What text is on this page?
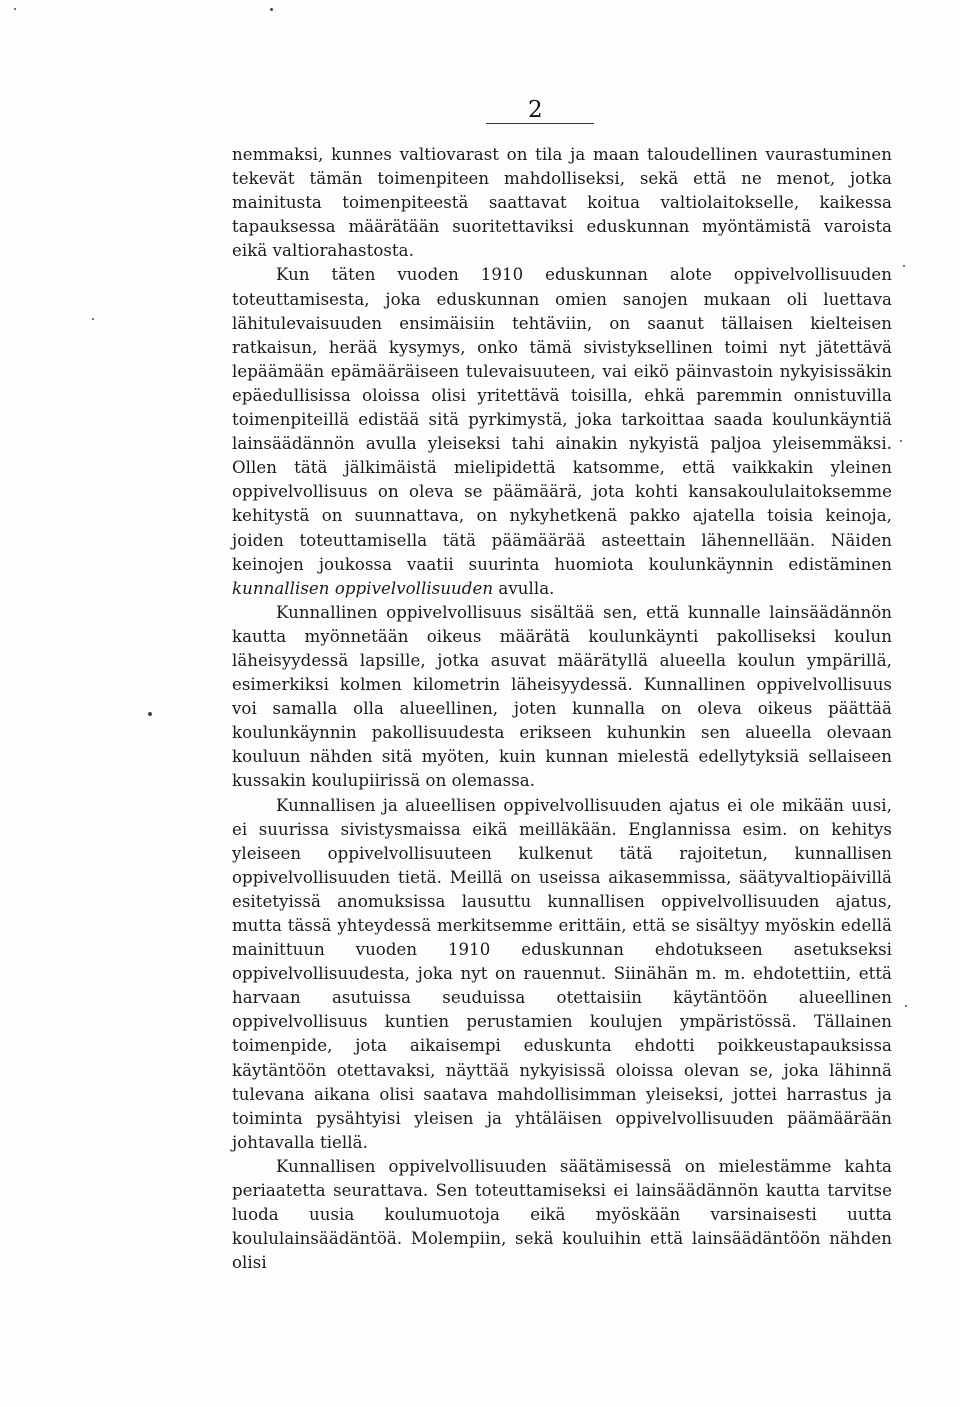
2

nemmaksi, kunnes valtiovarast on tila ja maan taloudellinen vaurastuminen tekevät tämän toimenpiteen mahdolliseksi, sekä että ne menot, jotka mainitusta toimenpiteestä saattavat koitua valtiolaitokselle, kaikessa tapauksessa määrätään suoritettaviksi eduskunnan myöntämistä varoista eikä valtiorahastosta.

Kun täten vuoden 1910 eduskunnan alote oppivelvollisuuden toteuttamisesta, joka eduskunnan omien sanojen mukaan oli luettava lähitulevaisuuden ensimäisiin tehtäviin, on saanut tällaisen kielteisen ratkaisun, herää kysymys, onko tämä sivistyksellinen toimi nyt jätettävä lepäämään epämääräiseen tulevaisuuteen, vai eikö päinvastoin nykyisissäkin epäedullisissa oloissa olisi yritettävä toisilla, ehkä paremmin onnistuvilla toimenpiteillä edistää sitä pyrkimystä, joka tarkoittaa saada koulunkäyntiä lainsäädännön avulla yleiseksi tahi ainakin nykyistä paljoa yleisemmäksi. Ollen tätä jälkimäistä mielipidettä katsomme, että vaikkakin yleinen oppivelvollisuus on oleva se päämäärä, jota kohti kansakoululaitoksemme kehitystä on suunnattava, on nykyhetkenä pakko ajatella toisia keinoja, joiden toteuttamisella tätä päämäärää asteettain lähennellään. Näiden keinojen joukossa vaatii suurinta huomiota koulunkäynnin edistäminen kunnallisen oppivelvollisuuden avulla.

Kunnallinen oppivelvollisuus sisältää sen, että kunnalle lainsäädännön kautta myönnetään oikeus määrätä koulunkäynti pakolliseksi koulun läheisyydessä lapsille, jotka asuvat määrätyllä alueella koulun ympärillä, esimerkiksi kolmen kilometrin läheisyydessä. Kunnallinen oppivelvollisuus voi samalla olla alueellinen, joten kunnalla on oleva oikeus päättää koulunkäynnin pakollisuudesta erikseen kuhunkin sen alueella olevaan kouluun nähden sitä myöten, kuin kunnan mielestä edellytyksiä sellaiseen kussakin koulupiirissä on olemassa.

Kunnallisen ja alueellisen oppivelvollisuuden ajatus ei ole mikään uusi, ei suurissa sivistysmaissa eikä meilläkään. Englannissa esim. on kehitys yleiseen oppivelvollisuuteen kulkenut tätä rajoitetun, kunnallisen oppivelvollisuuden tietä. Meillä on useissa aikasemmissa, säätyvaltiopäivillä esitetyissä anomuksissa lausuttu kunnallisen oppivelvollisuuden ajatus, mutta tässä yhteydessä merkitsemme erittäin, että se sisältyy myöskin edellä mainittuun vuoden 1910 eduskunnan ehdotukseen asetukseksi oppivelvollisuudesta, joka nyt on rauennut. Siinähän m. m. ehdotettiin, että harvaan asutuissa seuduissa otettaisiin käytäntöön alueellinen oppivelvollisuus kuntien perustamien koulujen ympäristössä. Tällainen toimenpide, jota aikaisempi eduskunta ehdotti poikkeustapauksissa käytäntöön otettavaksi, näyttää nykyisissä oloissa olevan se, joka lähinnä tulevana aikana olisi saatava mahdollisimman yleiseksi, jottei harrastus ja toiminta pysähtyisi yleisen ja yhtäläisen oppivelvollisuuden päämäärään johtavalla tiellä.

Kunnallisen oppivelvollisuuden säätämisessä on mielestämme kahta periaatetta seurattava. Sen toteuttamiseksi ei lainsäädännön kautta tarvitse luoda uusia koulumuotoja eikä myöskään varsinaisesti uutta koululainsäädäntöä. Molempiin, sekä kouluihin että lainsäädäntöön nähden olisi
